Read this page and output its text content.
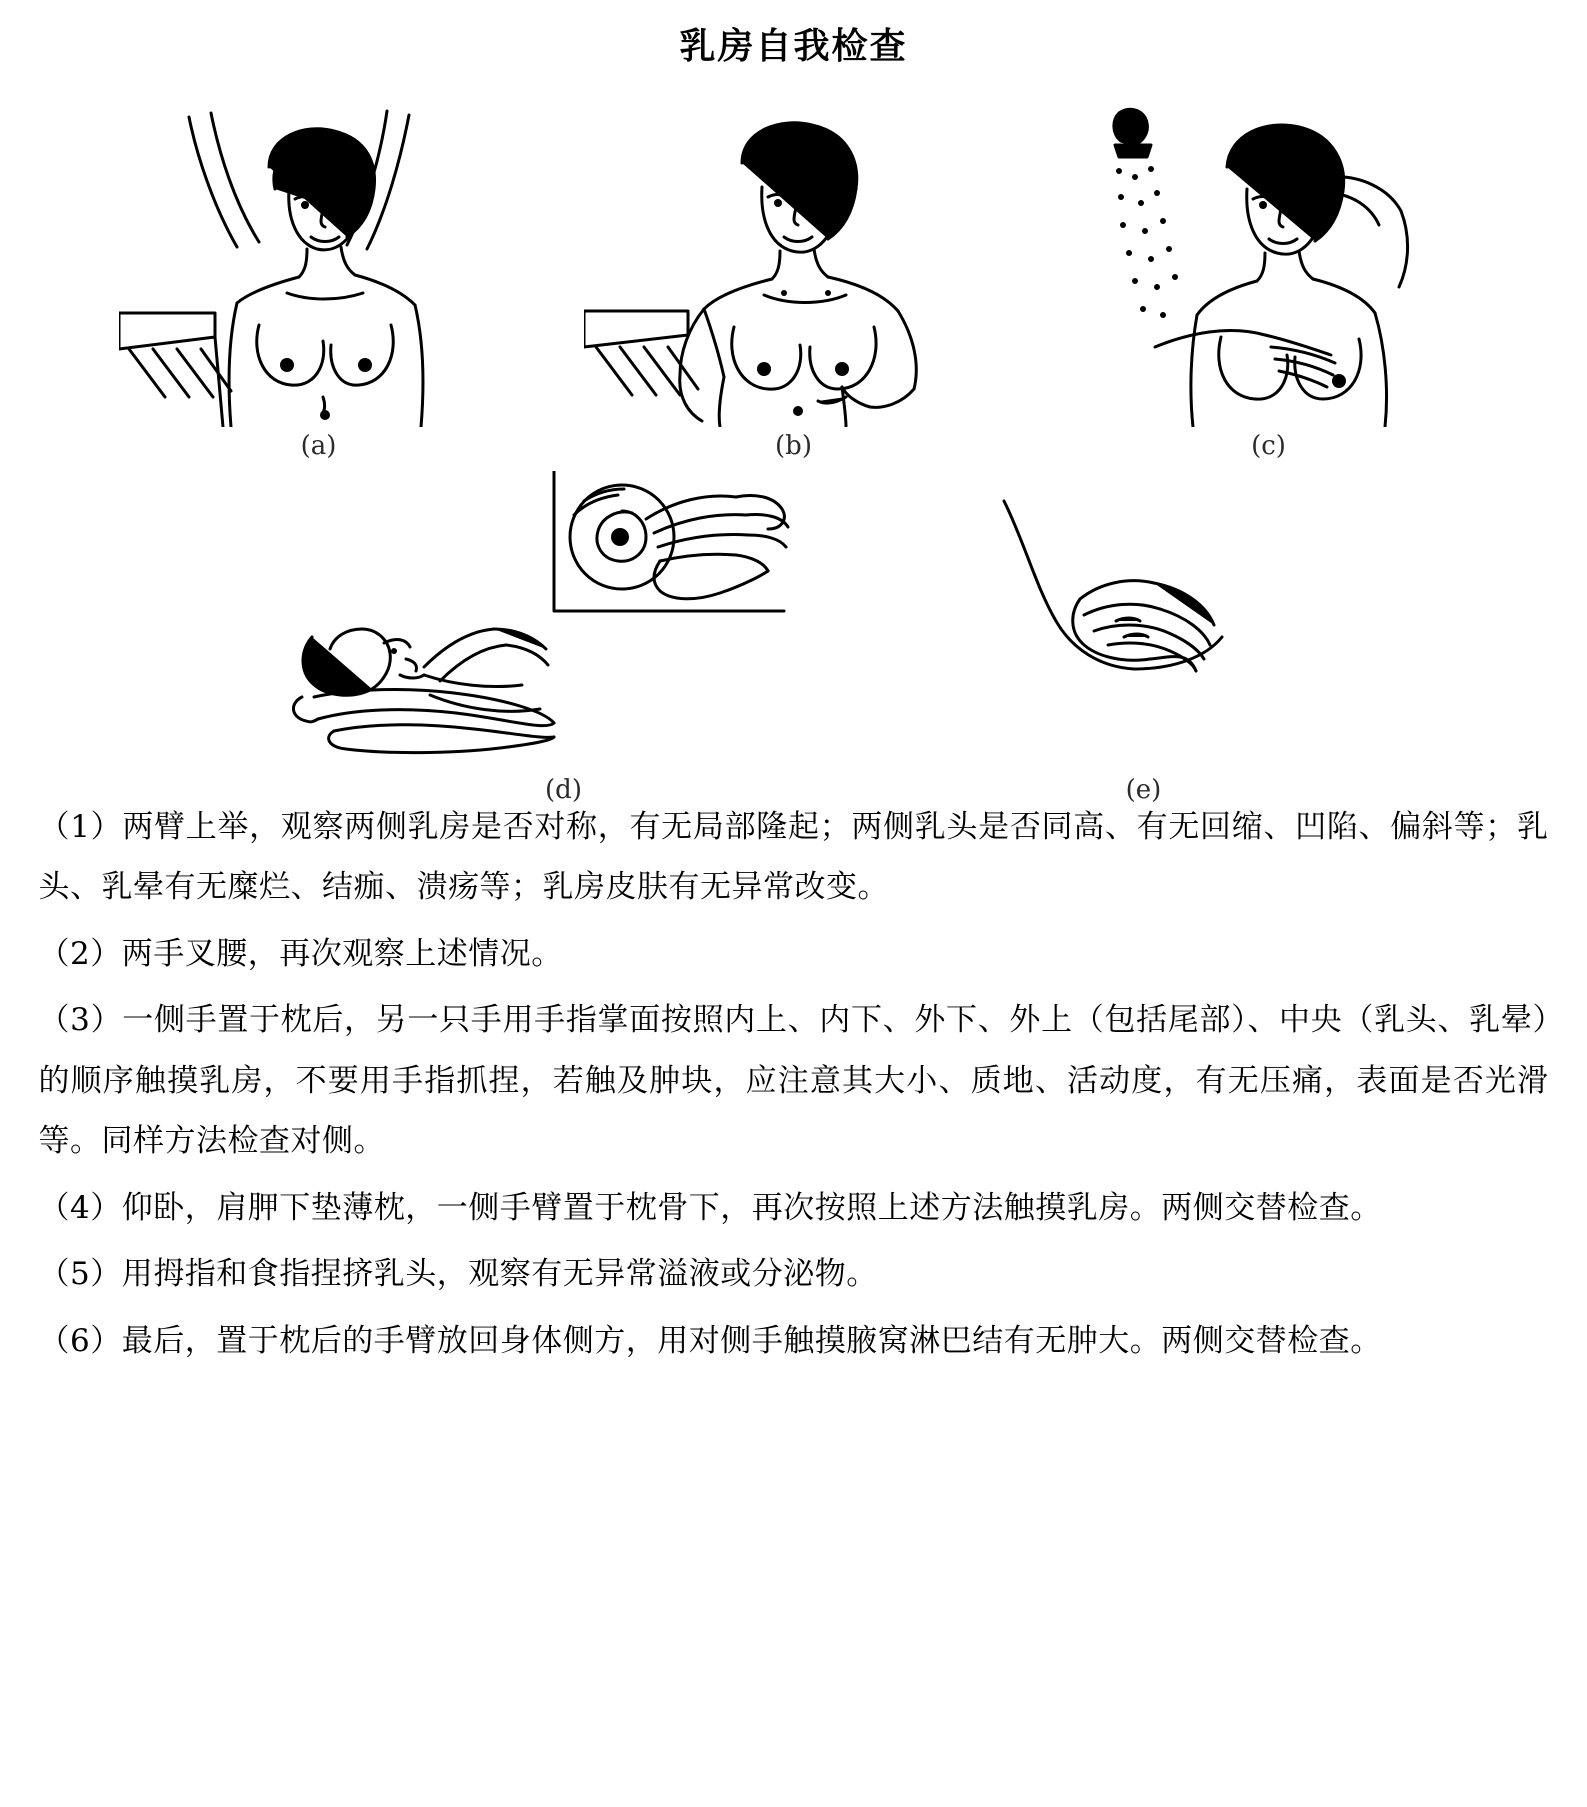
乳房自我检查
(a)	(b)	(c)
(d)	(e)

（1）两臂上举，观察两侧乳房是否对称，有无局部隆起；两侧乳头是否同高、有无回缩、凹陷、偏斜等；乳头、乳晕有无糜烂、结痂、溃疡等；乳房皮肤有无异常改变。

（2）两手叉腰，再次观察上述情况。

（3）一侧手置于枕后，另一只手用手指掌面按照内上、内下、外下、外上（包括尾部）、中央（乳头、乳晕）的顺序触摸乳房，不要用手指抓捏，若触及肿块，应注意其大小、质地、活动度，有无压痛，表面是否光滑等。同样方法检查对侧。

（4）仰卧，肩胛下垫薄枕，一侧手臂置于枕骨下，再次按照上述方法触摸乳房。两侧交替检查。

（5）用拇指和食指捏挤乳头，观察有无异常溢液或分泌物。

（6）最后，置于枕后的手臂放回身体侧方，用对侧手触摸腋窝淋巴结有无肿大。两侧交替检查。
